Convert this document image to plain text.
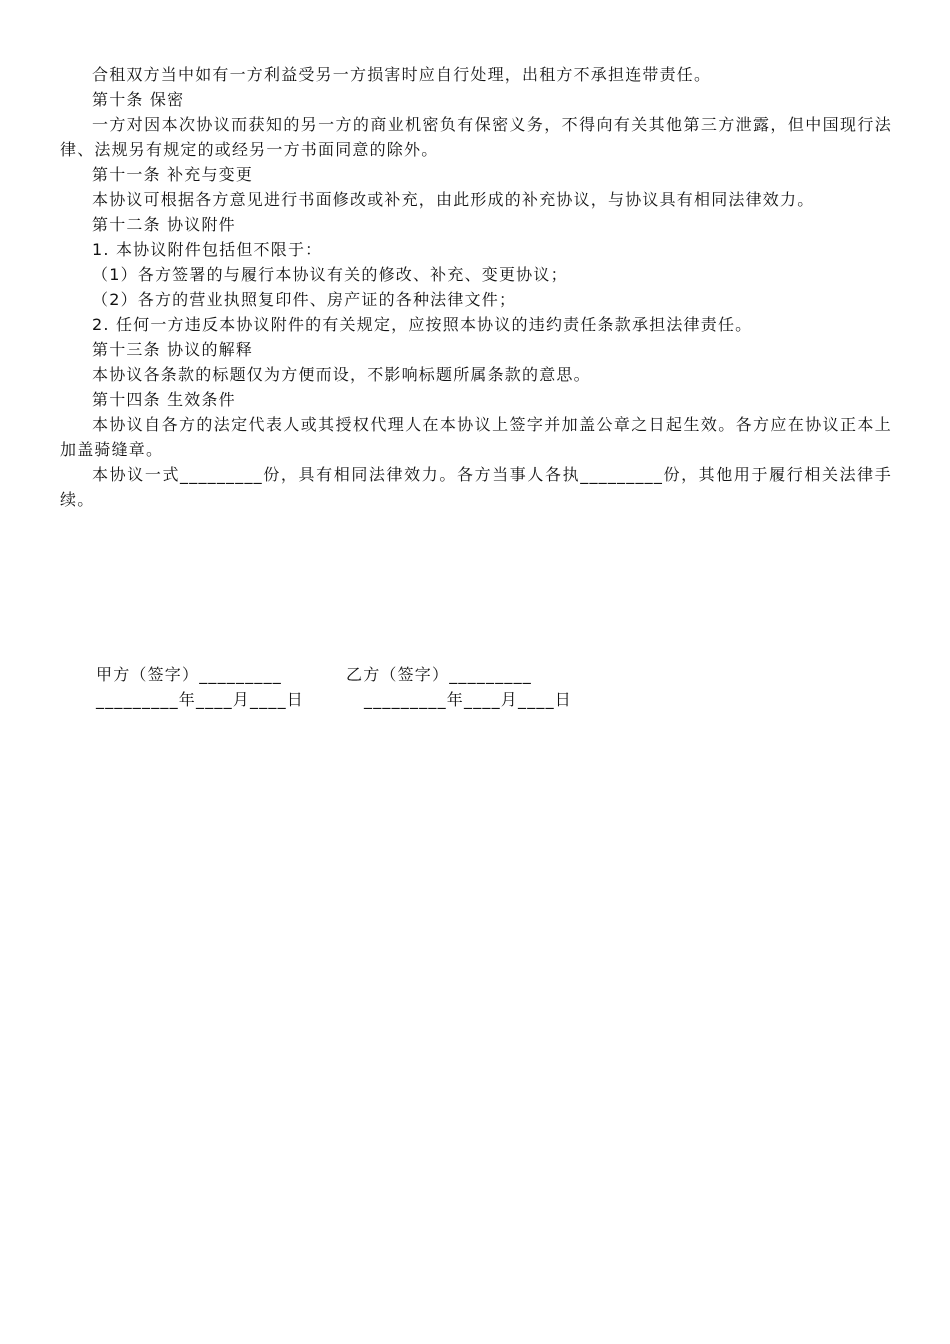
合租双方当中如有一方利益受另一方损害时应自行处理，出租方不承担连带责任。

第十条 保密

一方对因本次协议而获知的另一方的商业机密负有保密义务，不得向有关其他第三方泄露，但中国现行法律、法规另有规定的或经另一方书面同意的除外。

第十一条 补充与变更

本协议可根据各方意见进行书面修改或补充，由此形成的补充协议，与协议具有相同法律效力。

第十二条 协议附件

1. 本协议附件包括但不限于：

（1）各方签署的与履行本协议有关的修改、补充、变更协议；

（2）各方的营业执照复印件、房产证的各种法律文件；

2. 任何一方违反本协议附件的有关规定，应按照本协议的违约责任条款承担法律责任。

第十三条 协议的解释

本协议各条款的标题仅为方便而设，不影响标题所属条款的意思。

第十四条 生效条件

本协议自各方的法定代表人或其授权代理人在本协议上签字并加盖公章之日起生效。各方应在协议正本上加盖骑缝章。

本协议一式_________份，具有相同法律效力。各方当事人各执_________份，其他用于履行相关法律手续。

甲方（签字）_________	乙方（签字）_________
_________年____月____日	_________年____月____日
